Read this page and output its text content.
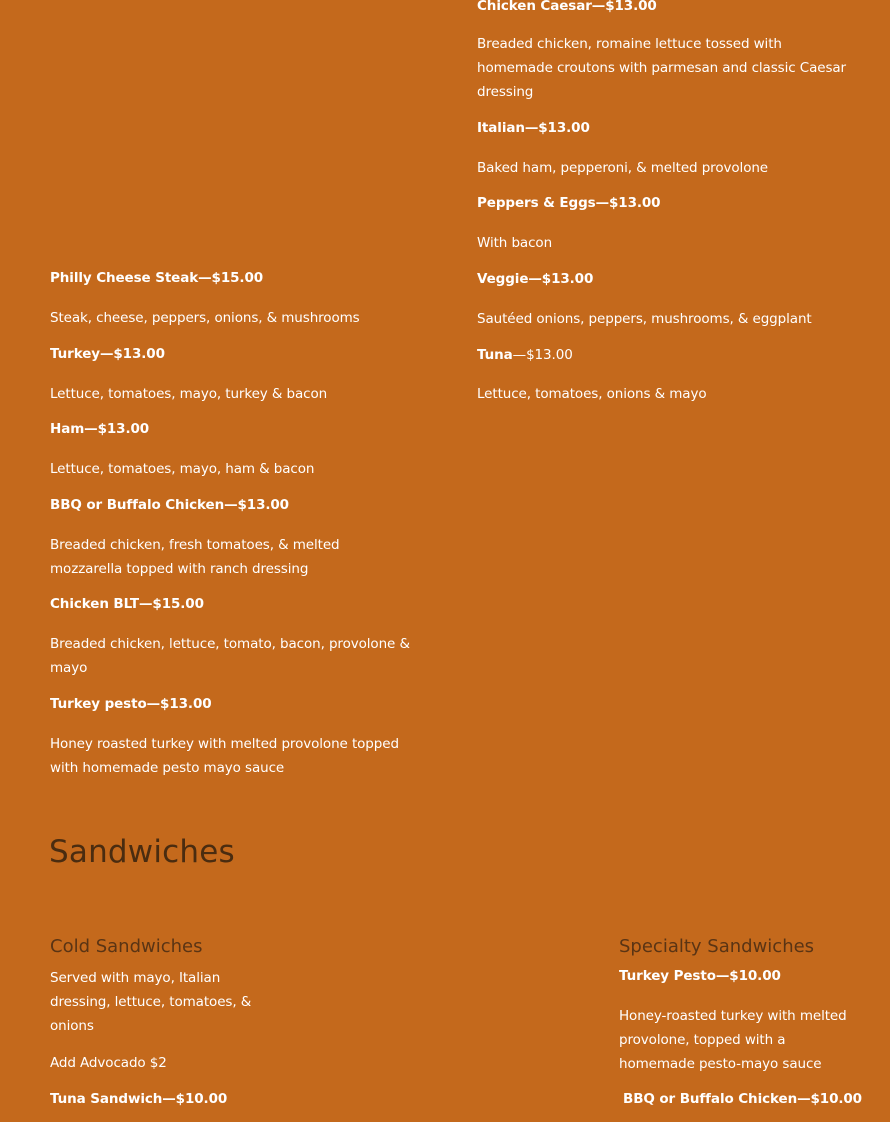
Philly Cheese Steak—$15.00
Steak, cheese, peppers, onions, & mushrooms
Turkey—$13.00
Lettuce, tomatoes, mayo, turkey & bacon
Ham—$13.00
Lettuce, tomatoes, mayo, ham & bacon
BBQ or Buffalo Chicken—$13.00
Breaded chicken, fresh tomatoes, & melted mozzarella topped with ranch dressing
Chicken BLT—$15.00
Breaded chicken, lettuce, tomato, bacon, provolone & mayo
Turkey pesto—$13.00
Honey roasted turkey with melted provolone topped with homemade pesto mayo sauce
Chicken Caesar—$13.00
Breaded chicken, romaine lettuce tossed with homemade croutons with parmesan and classic Caesar dressing
Italian—$13.00
Baked ham, pepperoni, & melted provolone
Peppers & Eggs—$13.00
With bacon
Veggie—$13.00
Sautéed onions, peppers, mushrooms, & eggplant
Tuna—$13.00
Lettuce, tomatoes, onions & mayo
Sandwiches
Cold Sandwiches
Served with mayo, Italian dressing, lettuce, tomatoes, & onions
Add Advocado $2
Tuna Sandwich—$10.00
Specialty Sandwiches
Turkey Pesto—$10.00
Honey-roasted turkey with melted provolone, topped with a homemade pesto-mayo sauce
BBQ or Buffalo Chicken—$10.00
